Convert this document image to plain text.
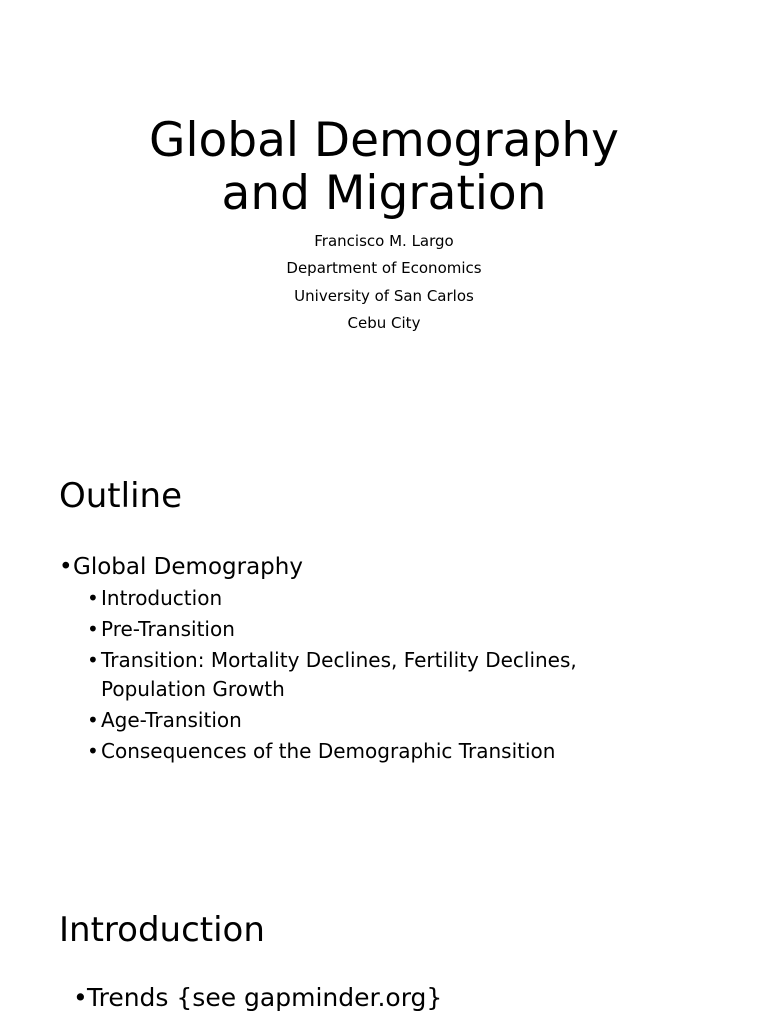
Global Demography
and Migration
Francisco M. Largo
Department of Economics
University of San Carlos
Cebu City
Outline
• Global Demography
• Introduction
• Pre-Transition
• Transition: Mortality Declines, Fertility Declines, Population Growth
• Age-Transition
• Consequences of the Demographic Transition
Introduction
• Trends {see gapminder.org}
